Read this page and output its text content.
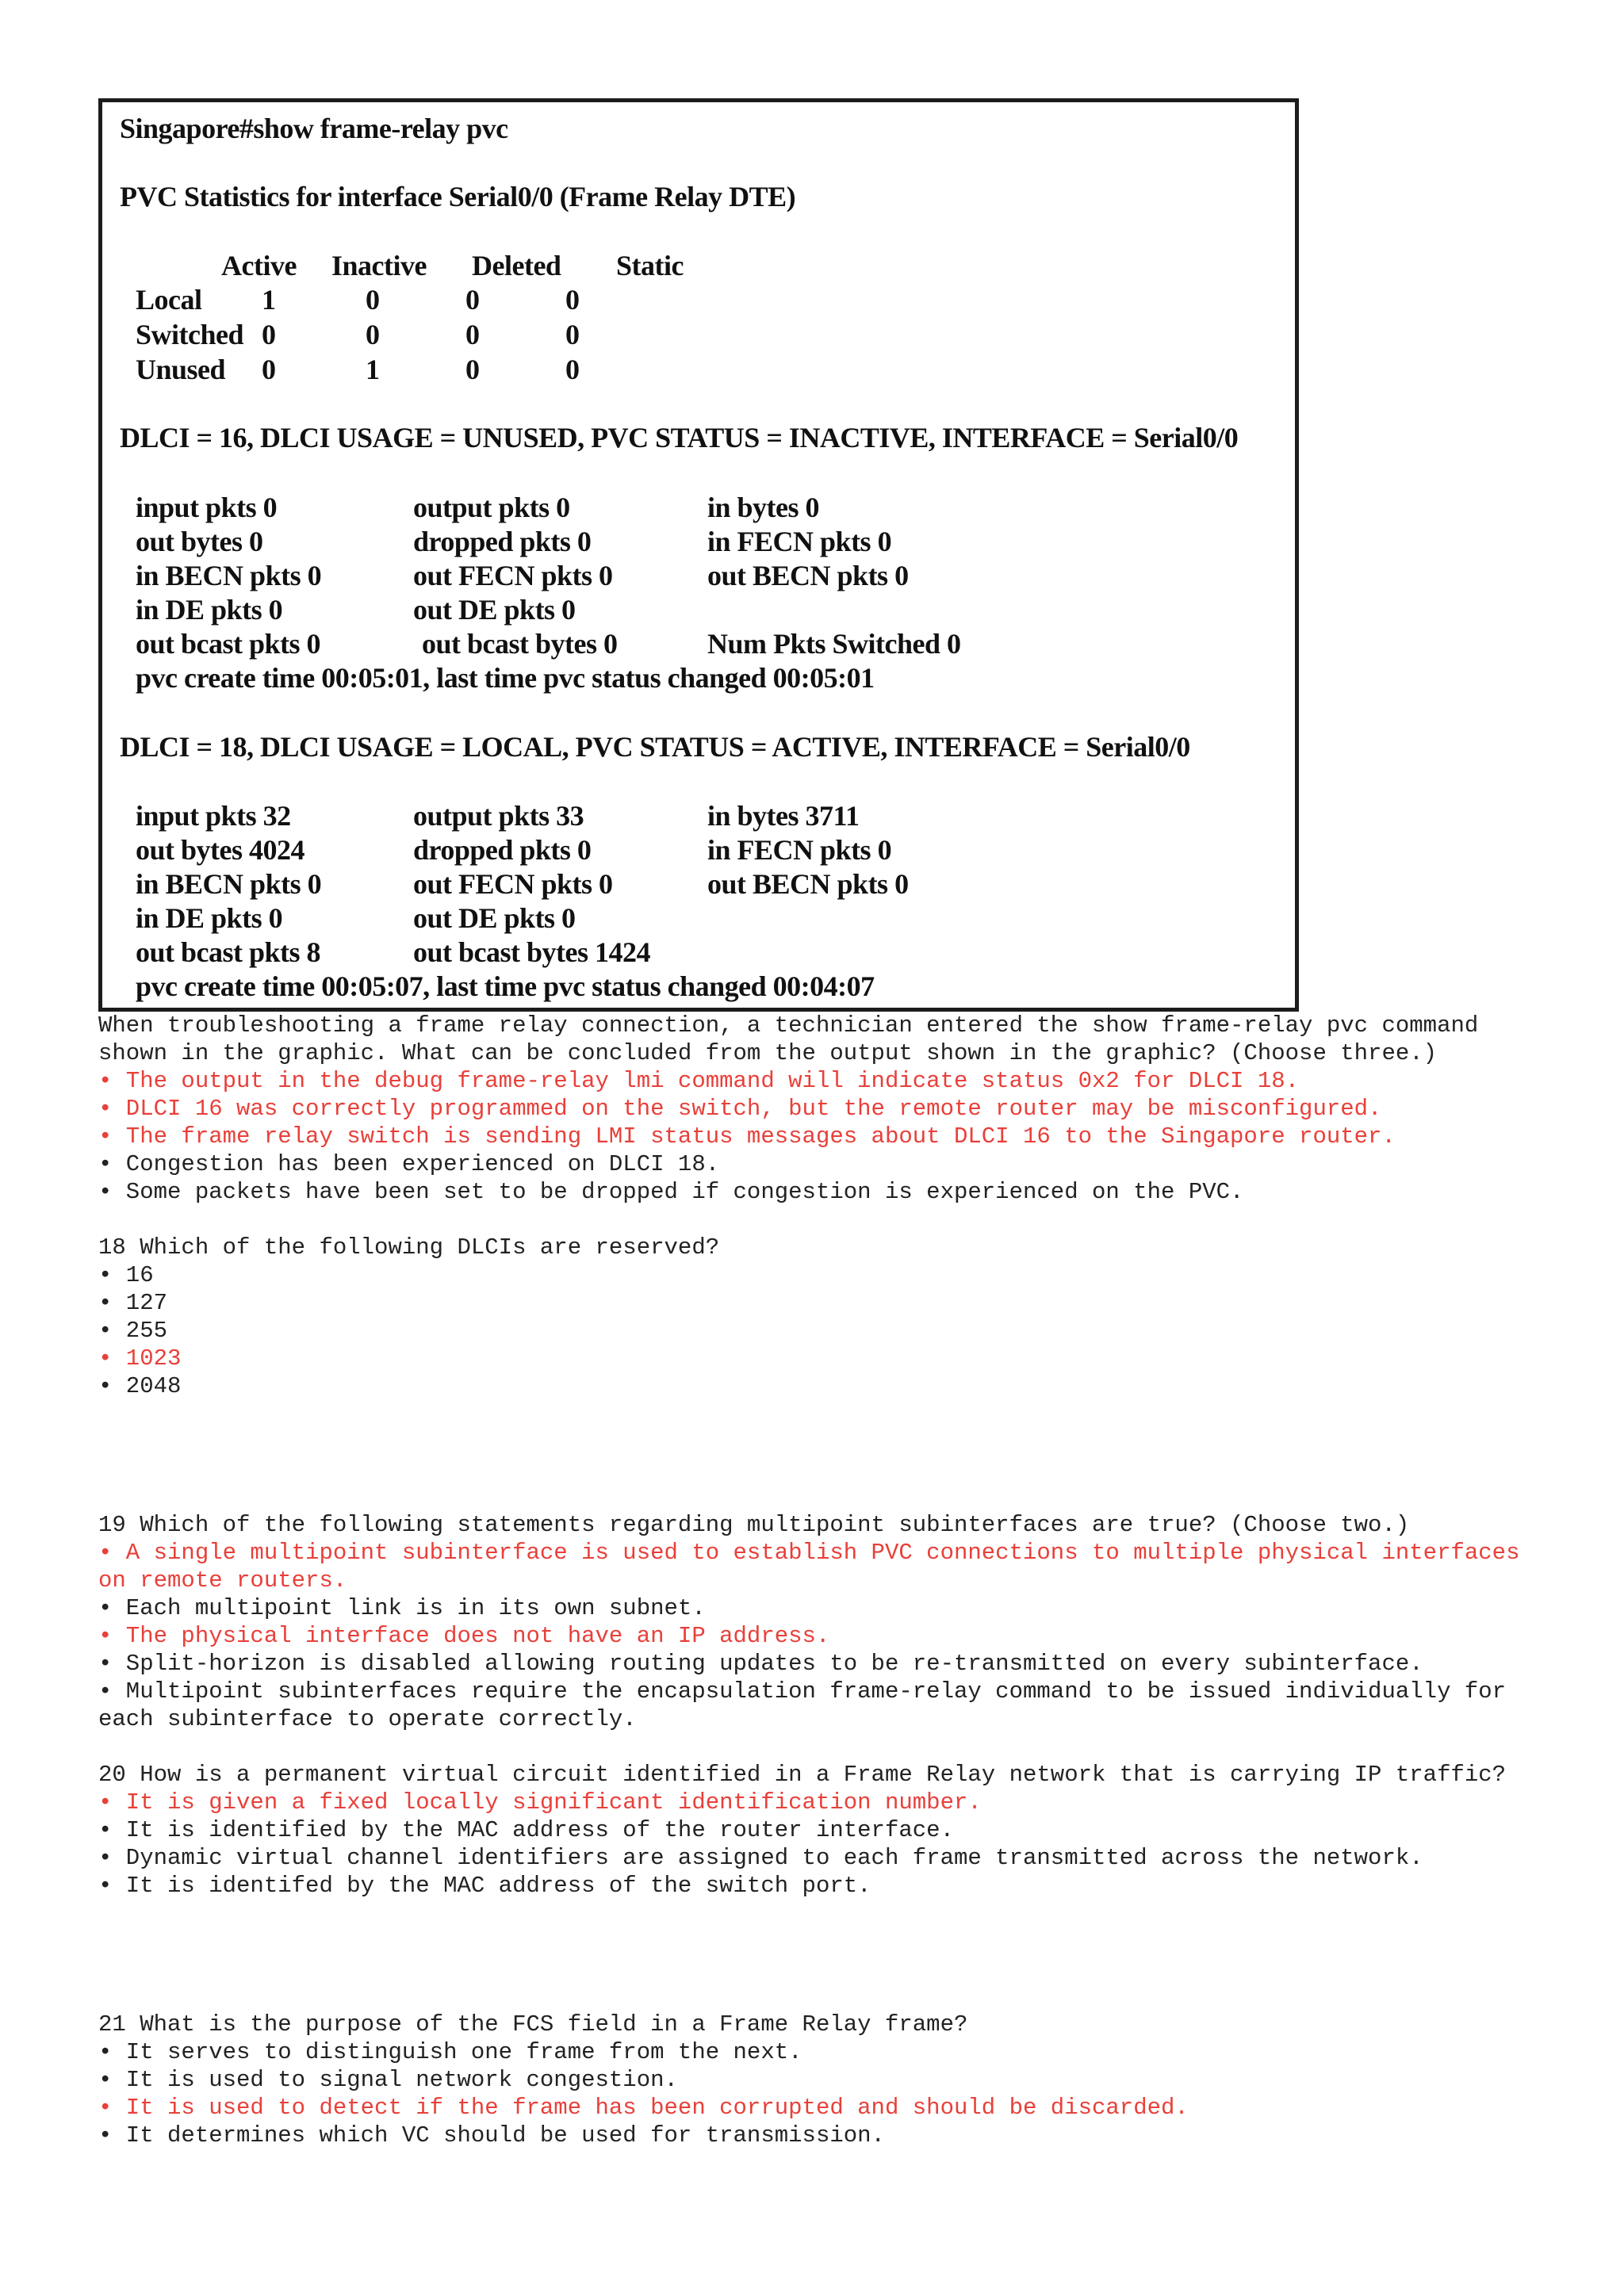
Singapore#show frame-relay pvc
PVC Statistics for interface Serial0/0 (Frame Relay DTE)
Active Inactive Deleted Static
Local 1	0	0	0
Switched 0	0	0	0
Unused 0	1	0	0
DLCI = 16, DLCI USAGE = UNUSED, PVC STATUS = INACTIVE, INTERFACE = Serial0/0
input pkts 0	output pkts 0	in bytes 0
out bytes 0	dropped pkts 0	in FECN pkts 0
in BECN pkts 0	out FECN pkts 0	out BECN pkts 0
in DE pkts 0	out DE pkts 0
out bcast pkts 0	out bcast bytes 0	Num Pkts Switched 0
pvc create time 00:05:01, last time pvc status changed 00:05:01
DLCI = 18, DLCI USAGE = LOCAL, PVC STATUS = ACTIVE, INTERFACE = Serial0/0
input pkts 32	output pkts 33	in bytes 3711
out bytes 4024	dropped pkts 0	in FECN pkts 0
in BECN pkts 0	out FECN pkts 0	out BECN pkts 0
in DE pkts 0	out DE pkts 0
out bcast pkts 8	out bcast bytes 1424
pvc create time 00:05:07, last time pvc status changed 00:04:07

When troubleshooting a frame relay connection, a technician entered the show frame-relay pvc command shown in the graphic. What can be concluded from the output shown in the graphic? (Choose three.)

• The output in the debug frame-relay lmi command will indicate status 0x2 for DLCI 18.

• DLCI 16 was correctly programmed on the switch, but the remote router may be misconfigured.

• The frame relay switch is sending LMI status messages about DLCI 16 to the Singapore router.

• Congestion has been experienced on DLCI 18.

• Some packets have been set to be dropped if congestion is experienced on the PVC.

18 Which of the following DLCIs are reserved?

• 16

• 127

• 255

• 1023

• 2048

19 Which of the following statements regarding multipoint subinterfaces are true? (Choose two.)

• A single multipoint subinterface is used to establish PVC connections to multiple physical interfaces on remote routers.

• Each multipoint link is in its own subnet.

• The physical interface does not have an IP address.

• Split-horizon is disabled allowing routing updates to be re-transmitted on every subinterface.

• Multipoint subinterfaces require the encapsulation frame-relay command to be issued individually for each subinterface to operate correctly.

20 How is a permanent virtual circuit identified in a Frame Relay network that is carrying IP traffic?

• It is given a fixed locally significant identification number.

• It is identified by the MAC address of the router interface.

• Dynamic virtual channel identifiers are assigned to each frame transmitted across the network.

• It is identifed by the MAC address of the switch port.

21 What is the purpose of the FCS field in a Frame Relay frame?

• It serves to distinguish one frame from the next.

• It is used to signal network congestion.

• It is used to detect if the frame has been corrupted and should be discarded.

• It determines which VC should be used for transmission.
